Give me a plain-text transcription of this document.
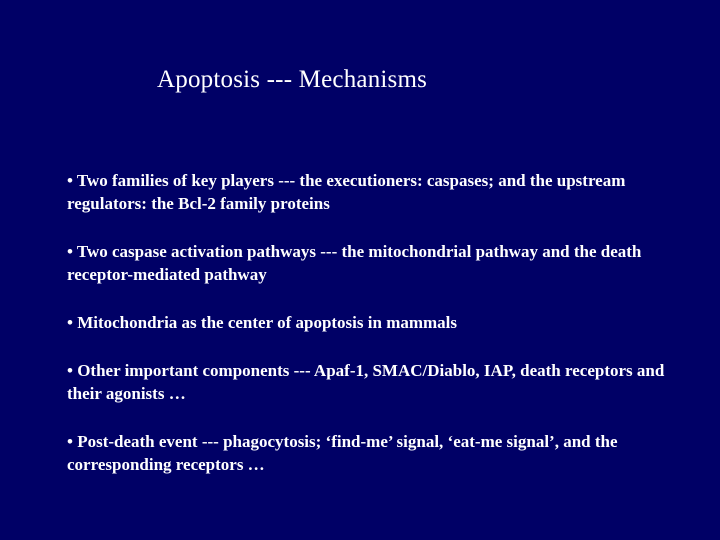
Apoptosis --- Mechanisms
• Two families of key players --- the executioners: caspases; and the upstream regulators: the Bcl-2 family proteins
• Two caspase activation pathways --- the mitochondrial pathway and the death receptor-mediated pathway
• Mitochondria as the center of apoptosis in mammals
• Other important components --- Apaf-1, SMAC/Diablo, IAP, death receptors and their agonists …
• Post-death event --- phagocytosis; ‘find-me’ signal, ‘eat-me signal’, and the corresponding receptors …
